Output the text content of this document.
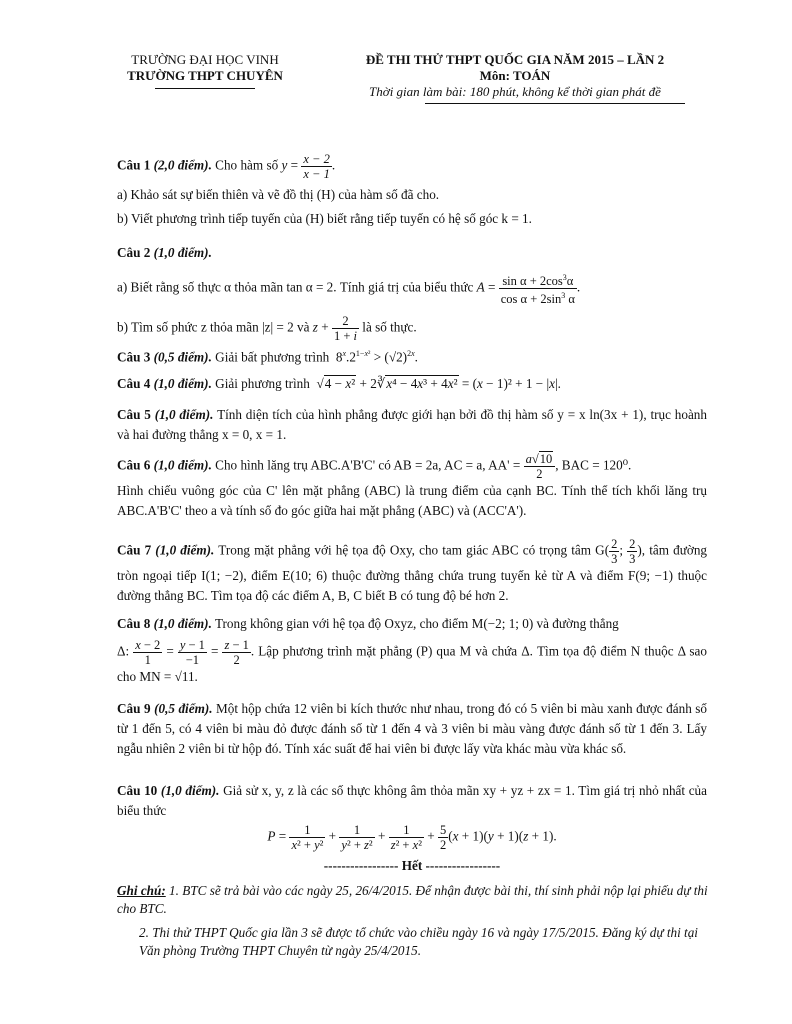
TRƯỜNG ĐẠI HỌC VINH
TRƯỜNG THPT CHUYÊN
ĐỀ THI THỬ THPT QUỐC GIA NĂM 2015 – LẦN 2
Môn: TOÁN
Thời gian làm bài: 180 phút, không kể thời gian phát đề
Câu 1 (2,0 điểm). Cho hàm số $y = \frac{x - 2}{x - 1}$ .
a) Khảo sát sự biến thiên và vẽ đồ thị (H) của hàm số đã cho.
b) Viết phương trình tiếp tuyến của (H) biết rằng tiếp tuyến có hệ số góc k = 1.
Câu 2 (1,0 điểm).
a) Biết rằng số thực α thỏa mãn tan α = 2. Tính giá trị của biểu thức $A = \frac{\sin \alpha + 2\cos^3\alpha}{\cos \alpha + 2\sin^3 \alpha}$ .
b) Tìm số phức z thỏa mãn |z| = 2 và $z + \frac{2}{1 + i}$ là số thực.
Câu 3 (0,5 điểm). Giải bất phương trình  $8^x.2^{1-x^2} > (√2)^{2x}$.
Câu 4 (1,0 điểm). Giải phương trình  √4 − x² + 2∛x⁴ − 4x³ + 4x² = (x − 1)² + 1 − |x|.
Câu 5 (1,0 điểm). Tính diện tích của hình phẳng được giới hạn bởi đồ thị hàm số y = x ln(3x + 1), trục hoành và hai đường thẳng x = 0, x = 1.
Câu 6 (1,0 điểm). Cho hình lăng trụ ABC.A'B'C' có AB = 2a, AC = a, $AA' = \frac{a√10}{2}$ , BAC = 120⁰.
Hình chiếu vuông góc của C' lên mặt phẳng (ABC) là trung điểm của cạnh BC. Tính thể tích khối lăng trụ ABC.A'B'C' theo a và tính số đo góc giữa hai mặt phẳng (ABC) và (ACC'A').
Câu 7 (1,0 điểm). Trong mặt phẳng với hệ tọa độ Oxy, cho tam giác ABC có trọng tâm $G( \frac{2}{3}$ ; $\frac{2}{3}$ ), tâm đường tròn ngoại tiếp I(1; −2), điểm E(10; 6) thuộc đường thẳng chứa trung tuyến kẻ từ A và điểm F(9; −1) thuộc đường thẳng BC. Tìm tọa độ các điểm A, B, C biết B có tung độ bé hơn 2.
Câu 8 (1,0 điểm). Trong không gian với hệ tọa độ Oxyz, cho điểm M(−2; 1; 0) và đường thẳng
Δ: $\frac{x - 2}{1} = \frac{y - 1}{-1} = \frac{z - 1}{2}$ . Lập phương trình mặt phẳng (P) qua M và chứa Δ. Tìm tọa độ điểm N thuộc Δ sao cho MN = √11.
Câu 9 (0,5 điểm). Một hộp chứa 12 viên bi kích thước như nhau, trong đó có 5 viên bi màu xanh được đánh số từ 1 đến 5, có 4 viên bi màu đỏ được đánh số từ 1 đến 4 và 3 viên bi màu vàng được đánh số từ 1 đến 3. Lấy ngẫu nhiên 2 viên bi từ hộp đó. Tính xác suất để hai viên bi được lấy vừa khác màu vừa khác số.
Câu 10 (1,0 điểm). Giả sử x, y, z là các số thực không âm thỏa mãn xy + yz + zx = 1. Tìm giá trị nhỏ nhất của biểu thức
$P = \frac{1}{\text{x² + y²}} + \frac{1}{\text{y² + z²}} + \frac{1}{\text{z² + x²}} + \frac{5}{2} (x + 1)(y + 1)(z + 1)$.
----------------- Hết -----------------
Ghi chú: 1. BTC sẽ trả bài vào các ngày 25, 26/4/2015. Để nhận được bài thi, thí sinh phải nộp lại phiếu dự thi cho BTC.
2. Thi thử THPT Quốc gia lần 3 sẽ được tổ chức vào chiều ngày 16 và ngày 17/5/2015. Đăng ký dự thi tại Văn phòng Trường THPT Chuyên từ ngày 25/4/2015.
